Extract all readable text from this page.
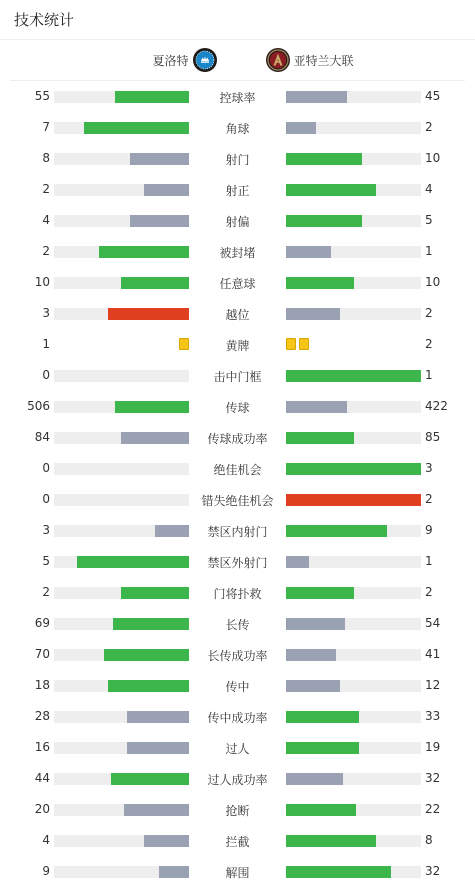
技术统计
夏洛特	亚特兰大联
55	控球率	45
7	角球	2
8	射门	10
2	射正	4
4	射偏	5
2	被封堵	1
10	任意球	10
3	越位	2
1	黄牌	2
0	击中门框	1
506	传球	422
84	传球成功率	85
0	绝佳机会	3
0	错失绝佳机会	2
3	禁区内射门	9
5	禁区外射门	1
2	门将扑救	2
69	长传	54
70	长传成功率	41
18	传中	12
28	传中成功率	33
16	过人	19
44	过人成功率	32
20	抢断	22
4	拦截	8
9	解围	32
